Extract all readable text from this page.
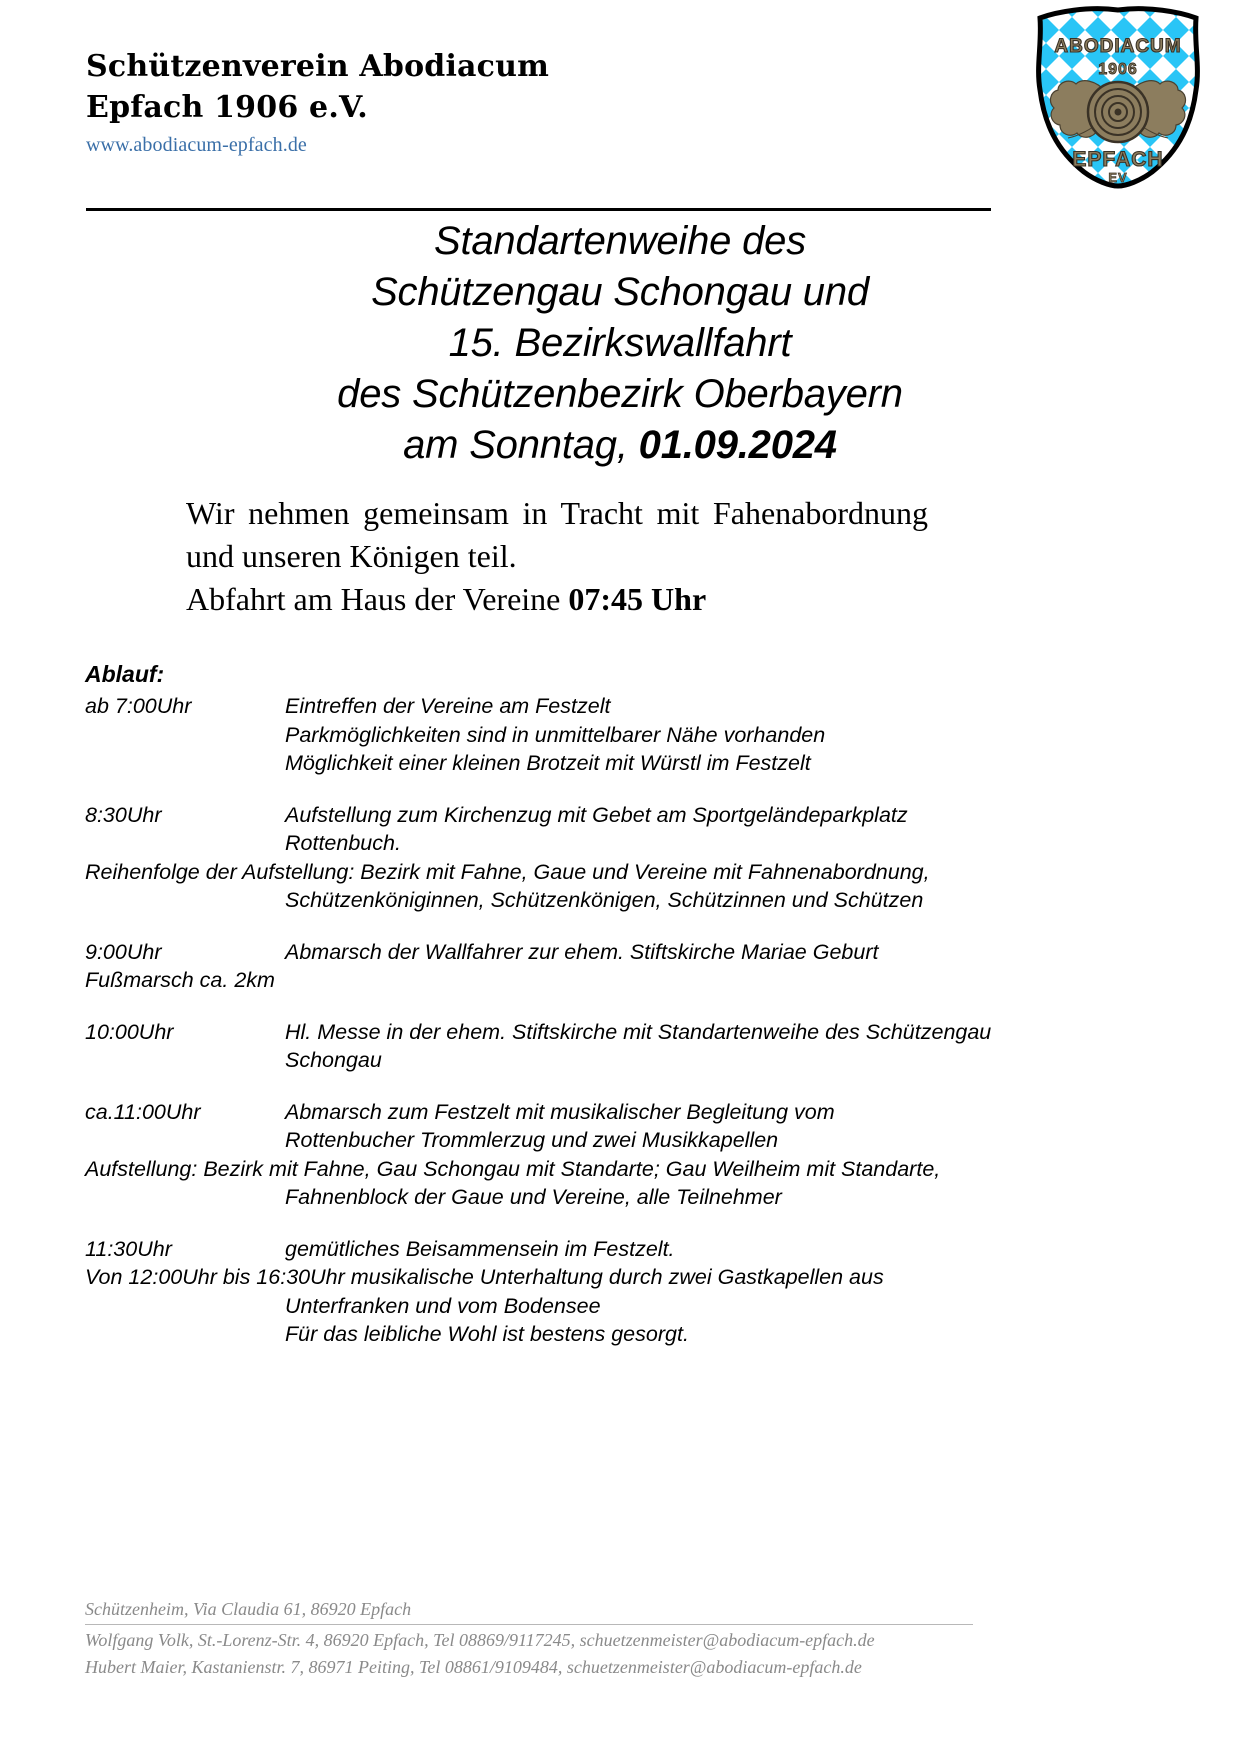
Schützenverein Abodiacum
Epfach 1906 e.V.
www.abodiacum-epfach.de
ABODIACUM
1906
EPFACH
EV
Standartenweihe des
Schützengau Schongau und
15. Bezirkswallfahrt
des Schützenbezirk Oberbayern
am Sonntag, 01.09.2024
Wir nehmen gemeinsam in Tracht mit Fahenabordnung und unseren Königen teil.
Abfahrt am Haus der Vereine 07:45 Uhr
Ablauf:
ab 7:00Uhr	Eintreffen der Vereine am Festzelt
Parkmöglichkeiten sind in unmittelbarer Nähe vorhanden
Möglichkeit einer kleinen Brotzeit mit Würstl im Festzelt
8:30Uhr	Aufstellung zum Kirchenzug mit Gebet am Sportgeländeparkplatz
Rottenbuch.
Reihenfolge der Aufstellung: Bezirk mit Fahne, Gaue und Vereine mit Fahnenabordnung,
Schützenköniginnen, Schützenkönigen, Schützinnen und Schützen
9:00Uhr	Abmarsch der Wallfahrer zur ehem. Stiftskirche Mariae Geburt
Fußmarsch ca. 2km
10:00Uhr	Hl. Messe in der ehem. Stiftskirche mit Standartenweihe des Schützengau
Schongau
ca.11:00Uhr	Abmarsch zum Festzelt mit musikalischer Begleitung vom
Rottenbucher Trommlerzug und zwei Musikkapellen
Aufstellung: Bezirk mit Fahne, Gau Schongau mit Standarte; Gau Weilheim mit Standarte,
Fahnenblock der Gaue und Vereine, alle Teilnehmer
11:30Uhr	gemütliches Beisammensein im Festzelt.
Von 12:00Uhr bis 16:30Uhr musikalische Unterhaltung durch zwei Gastkapellen aus
Unterfranken und vom Bodensee
Für das leibliche Wohl ist bestens gesorgt.
Schützenheim, Via Claudia 61, 86920 Epfach
Wolfgang Volk, St.-Lorenz-Str. 4, 86920 Epfach, Tel 08869/9117245, schuetzenmeister@abodiacum-epfach.de
Hubert Maier, Kastanienstr. 7, 86971 Peiting, Tel 08861/9109484, schuetzenmeister@abodiacum-epfach.de
